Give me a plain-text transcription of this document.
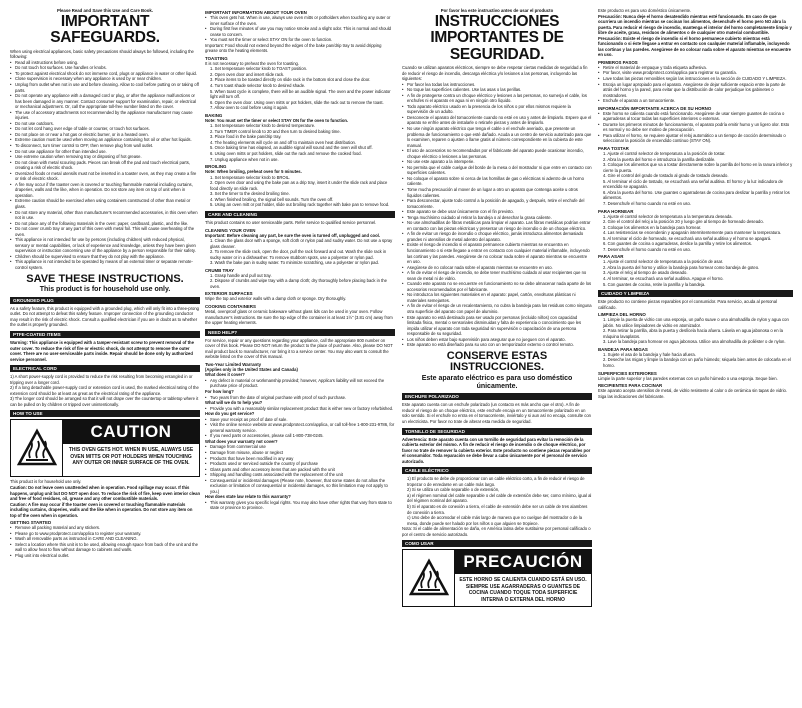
Please Read and Save this Use and Care Book.
IMPORTANT SAFEGUARDS.

When using electrical appliances, basic safety precautions should always be followed, including the following:

• Read all instructions before using.
• Do not touch hot surfaces. Use handles or knobs.
• To protect against electrical shock do not immerse cord, plugs or appliance in water or other liquid.
• Close supervision is necessary when any appliance is used by or near children.
• Unplug from outlet when not in use and before cleaning. Allow to cool before putting on or taking off parts.
• Do not operate any appliance with a damaged cord or plug, or after the appliance malfunctions or has been damaged in any manner. Contact consumer support for examination, repair, or electrical or mechanical adjustment. Or, call the appropriate toll-free number listed on the cover.
• The use of accessory attachments not recommended by the appliance manufacturer may cause injuries.
• Do not use outdoors.
• Do not let cord hang over edge of table or counter, or touch hot surfaces.
• Do not place on or near a hot gas or electric burner, or in a heated oven.
• Extreme caution must be used when moving an appliance containing hot oil or other hot liquids.
• To disconnect, turn timer control to OFF, then remove plug from wall outlet.
• Do not use appliance for other than intended use.
• Use extreme caution when removing tray or disposing of hot grease.
• Do not clean with metal scouring pads. Pieces can break off the pad and touch electrical parts, creating a risk of electric shock.
• Oversized foods or metal utensils must not be inserted in a toaster oven, as they may create a fire or risk of electric shock.
• A fire may occur if the toaster oven is covered or touching flammable material including curtains, draperies, walls and the like, when in operation. Do not store any item on top of unit when in operation.
• Extreme caution should be exercised when using containers constructed of other than metal or glass.
• Do not store any material, other than manufacturer's recommended accessories, in this oven when not in use.
• Do not place any of the following materials in the oven: paper, cardboard, plastic, and the like.
• Do not cover crumb tray or any part of this oven with metal foil. This will cause overheating of the oven.
• This appliance is not intended for use by persons (including children) with reduced physical, sensory or mental capabilities, or lack of experience and knowledge, unless they have been given supervision or instruction concerning use of the appliance by a person responsible for their safety.
• Children should be supervised to ensure that they do not play with the appliance.
• This appliance is not intended to be operated by means of an external timer or separate remote-control system.
SAVE THESE INSTRUCTIONS.
This product is for household use only.
GROUNDED PLUG

As a safety feature, this product is equipped with a grounded plug, which will only fit into a three-prong outlet. Do not attempt to defeat this safety feature. Improper connection of the grounding conductor may result in the risk of electric shock. Consult a qualified electrician if you are in doubt as to whether the outlet is properly grounded.

PTFE-COATED ITEMS

Warning: This appliance is equipped with a tamper-resistant screw to prevent removal of the outer cover. To reduce the risk of fire or electric shock, do not attempt to remove the outer cover. There are no user-serviceable parts inside. Repair should be done only by authorized service personnel.

ELECTRICAL CORD

1) A short power-supply cord is provided to reduce the risk resulting from becoming entangled in or tripping over a longer cord.

2) If a long detachable power-supply cord or extension cord is used, the marked electrical rating of the extension cord should be at least as great as the electrical rating of the appliance.

3) The longer cord should be arranged so that it will not drape over the countertop or tabletop where it can be pulled on by children or tripped over unintentionally.

HOW TO USE
CAUTION
THIS OVEN GETS HOT. WHEN IN USE, ALWAYS USE OVEN MITTS OR POT HOLDERS WHEN TOUCHING ANY OUTER OR INNER SURFACE OF THE OVEN.

This product is for household use only.

Caution: Do not leave oven unattended when in operation. Food spillage may occur. If this happens, unplug unit but DO NOT open door. To reduce the risk of fire, keep oven interior clean and free of food residues, oil, grease and any other combustible materials.

Caution: A fire may occur if the toaster oven is covered or touching flammable materials including curtains, draperies, walls and the like when in operation. Do not store any item on top of the oven when in operation.

GETTING STARTED
• Remove all packing material and any stickers.
• Please go to www.prodprotect.com/applica to register your warranty.
• Wash all removable parts as instructed in CARE AND CLEANING.
• Select a location where this unit is to be used, allowing enough space from back of the unit and the wall to allow heat to flow without damage to cabinets and walls.
• Plug unit into electrical outlet.
IMPORTANT INFORMATION ABOUT YOUR OVEN
• This oven gets hot. When in use, always use oven mitts or potholders when touching any outer or inner surface of the oven.
• During first few minutes of use you may notice smoke and a slight odor. This is normal and should cease to concern.
• You must set the timer or select STAY ON for the oven to function.

Important: Food should not extend beyond the edges of the bake pan/drip tray to avoid dripping grease onto the heating elements.

TOASTING

It is not necessary to preheat the oven for toasting.

1. Set temperature selector knob to TOAST position.
2. Open oven door and insert slide rack.
3. Place items to be toasted directly on slide rack in the bottom slot and close the door.
4. Turn toast shade selector knob to desired shade.
5. When toast cycle is complete, there will be an audible signal. The oven and the power indicator light will turn off.
6. Open the oven door. Using oven mitts or pot holders, slide the rack out to remove the toast.
7. Allow oven to cool before using it again.
BAKING

Note: You must set the timer or select STAY ON for the oven to function.

1. Set temperature selector knob to desired temperature.
2. Turn TIMER control knob to 20 and then turn to desired baking time.
3. Place food in the bake pan/drip tray.
4. The heating elements will cycle on and off to maintain oven heat distribution.
5. Once baking time has elapsed, an audible signal will sound and the oven will shut off.
6. Using oven mitts or pot holders, slide out the rack and remove the cooked food.
7. Unplug appliance when not in use.
BROILING

Note: When broiling, preheat oven for 5 minutes.

1. Set temperature selector knob to BROIL.
2. Open oven door and using the bake pan as a drip tray, insert it under the slide rack and place food directly on slide rack.
3. Set the timer to the desired broiling time.
4. When finished broiling, the signal bell sounds. Turn the oven off.
5. Using an oven mitt or pot holder, slide out broiling rack together with bake pan to remove food.
CARE AND CLEANING

This product contains no user serviceable parts. Refer service to qualified service personnel.

CLEANING YOUR OVEN

Important: Before cleaning any part, be sure the oven is turned off, unplugged and cool.

1. Clean the glass door with a sponge, soft cloth or nylon pad and sudsy water. Do not use a spray glass cleaner.
2. To remove the slide rack, open the door, pull the rack forward and out. Wash the slide rack in sudsy water or in a dishwasher. To remove stubborn spots, use a polyester or nylon pad.
3. Wash the bake pan in sudsy water. To minimize scratching, use a polyester or nylon pad.
CRUMB TRAY
1. Grasp handle and pull out tray.
2. Dispose of crumbs and wipe tray with a damp cloth; dry thoroughly before placing back in the oven.
EXTERIOR SURFACES

Wipe the top and exterior walls with a damp cloth or sponge. Dry thoroughly.

COOKING CONTAINERS

Metal, ovenproof glass or ceramic bakeware without glass lids can be used in your oven. Follow manufacturer's instructions. Be sure the top edge of the container is at least 1½" (3.81 cm) away from the upper heating elements.

NEED HELP?

For service, repair or any questions regarding your appliance, call the appropriate 800 number on cover of this book. Please DO NOT return the product to the place of purchase. Also, please DO NOT mail product back to manufacturer, nor bring it to a service center. You may also want to consult the website listed on the cover of this manual.

Two-Year Limited Warranty

(Applies only in the United States and Canada)

What does it cover?

• Any defect in material or workmanship provided; however, Applica's liability will not exceed the purchase price of product.

For how long?

• Two years from the date of original purchase with proof of such purchase.

What will we do to help you?

• Provide you with a reasonably similar replacement product that is either new or factory refurbished.

How do you get service?

• Save your receipt as proof of date of sale.
• Visit the online service website at www.prodprotect.com/applica, or call toll-free 1-800-231-9786, for general warranty service.
• If you need parts or accessories, please call 1-800-738-0245.

What does your warranty not cover?

• Damage from commercial use
• Damage from misuse, abuse or neglect
• Products that have been modified in any way
• Products used or serviced outside the country of purchase
• Glass parts and other accessory items that are packed with the unit
• Shipping and handling costs associated with the replacement of the unit
• Consequential or incidental damages (Please note, however, that some states do not allow the exclusion or limitation of consequential or incidental damages, so this limitation may not apply to you.)

How does state law relate to this warranty?

• This warranty gives you specific legal rights. You may also have other rights that vary from state to state or province to province.
Por favor lea este instructivo antes de usar el producto
INSTRUCCIONES IMPORTANTES DE SEGURIDAD.

Cuando se utilizan aparatos eléctricos, siempre se debe respetar ciertas medidas de seguridad a fin de reducir el riesgo de incendio, descarga eléctrica y/o lesiones a las personas, incluyendo las siguientes:

• Por favor lea todas las instrucciones.
• No toque las superficies calientes. Use las asas o las perillas.
• A fin de protegerse contra un choque eléctrico y lesiones a las personas, no sumerja el cable, los enchufes ni el aparato en agua ni en ningún otro líquido.
• Todo aparato eléctrico usado en la presencia de los niños o por ellos mismos requiere la supervisión de un adulto.
• Desconecte el aparato del tomacorriente cuando no esté en uso y antes de limpiarlo. Espere que el aparato se enfríe antes de instalarle o retirarle piezas y antes de limpiarlo.
• No use ningún aparato eléctrico que tenga el cable o el enchufe averiado, que presente un problema de funcionamiento o que esté dañado. Acuda a un centro de servicio autorizado para que lo examinen, reparen o ajusten o llame gratis al número correspondiente en la cubierta de este manual.
• El uso de accesorios no recomendados por el fabricante del aparato puede ocasionar incendio, choque eléctrico o lesiones a las personas.
• No use este aparato a la intemperie.
• No permita que el cable cuelgue del borde de la mesa o del mostrador ni que entre en contacto con superficies calientes.
• No coloque el aparato sobre ni cerca de las hornillas de gas o eléctricas ni adentro de un horno caliente.
• Tome mucha precaución al mover de un lugar a otro un aparato que contenga aceite u otros líquidos calientes.
• Para desconectar, ajuste todo control a la posición de apagado, y después, retire el enchufe del tomacorriente.
• Este aparato se debe usar únicamente con el fin previsto.
• Tenga muchísimo cuidado al retirar la bandeja o al desechar la grasa caliente.
• No use almohadillas de fibras metálicas para limpiar el aparato. Las fibras metálicas podrían entrar en contacto con las piezas eléctricas y presentar un riesgo de incendio o de un choque eléctrico.
• A fin de evitar un riesgo de incendio o choque eléctrico, jamás introduzca alimentos demasiado grandes ni utensilios de metal adentro del aparato.
• Existe el riesgo de incendio si el aparato permanece cubierto mientras se encuentra en funcionamiento o si este llegase a entrar en contacto con cualquier material inflamable, incluyendo las cortinas y las paredes. Asegúrese de no colocar nada sobre el aparato mientras se encuentre en uso.
• Asegúrese de no colocar nada sobre el aparato mientras se encuentre en uso.
• A fin de evitar el riesgo de incendio, se debe tener muchísimo cuidado al usar recipientes que no sean de metal ni de vidrio.
• Cuando este aparato no se encuentre en funcionamiento no se debe almacenar nada aparte de los accesorios recomendados por el fabricante.
• No introduzca los siguientes materiales en el aparato: papel, cartón, envolturas plásticas ni materiales semejantes.
• A fin de evitar el riesgo de un recalentamiento, no cubra la bandeja para los residuos como ninguna otra superficie del aparato con papel de aluminio.
• Este aparato no está destinado para ser usado por personas (incluido niños) con capacidad limitada física, mental o sensoriales disminuidas y falta de experiencia o conocimiento que les impida utilizar el aparato con toda seguridad sin supervisión o capacitación de una persona responsable de su seguridad.
• Los niños deben estar bajo supervisión para asegurar que no jueguen con el aparato.
• Este aparato no está diseñado para su uso con un temporizador externo o control remoto.
CONSERVE ESTAS INSTRUCCIONES.
Este aparato eléctrico es para uso doméstico únicamente.
ENCHUFE POLARIZADO

Este aparato cuenta con un enchufe polarizado (un contacto es más ancho que el otro). A fin de reducir el riesgo de un choque eléctrico, este enchufe encaja en un tomacorriente polarizado en un solo sentido. Si el enchufe no entra en el tomacorriente, inviértalo y si aun así no encaja, consulte con un electricista. Por favor no trate de alterar esta medida de seguridad.

TORNILLO DE SEGURIDAD

Advertencia: Este aparato cuenta con un tornillo de seguridad para evitar la remoción de la cubierta exterior del mismo. A fin de reducir el riesgo de incendio o de choque eléctrico, por favor no trate de remover la cubierta exterior. Este producto no contiene piezas reparables por el consumidor. Toda reparación se debe llevar a cabo únicamente por el personal de servicio autorizado.

CABLE ELÉCTRICO
1) El producto se debe de proporcionar con un cable eléctrico corto, a fin de reducir el riesgo de tropezar o de enredarse en un cable más largo.
2) Si se utiliza un cable separable o de extensión,
a) el régimen nominal del cable separable o del cable de extensión debe ser, como mínimo, igual al del régimen nominal del aparato.
b) Si el aparato es de conexión a tierra, el cable de extensión debe ser un cable de tres alambres de conexión a tierra.
c) Uno debe de acomodar el cable más largo de manera que no cuelgue del mostrador o de la mesa, donde puede ser halado por los niños o que alguien se tropiece.

Nota: Si el cable de alimentación se daña, en América latina debe sustituirse por personal calificado o por el centro de servicio autorizado.

COMO USAR
PRECAUCIÓN
ESTE HORNO SE CALIENTA CUANDO ESTÁ EN USO. SIEMPRE USE AGARRADERAS O GUANTES DE COCINA CUANDO TOQUE TODA SUPERFICIE INTERNA O EXTERNA DEL HORNO

Este producto es para uso doméstico únicamente.

Precaución: Nunca deje el horno desatendido mientras esté funcionando. En caso de que ocurriera un incendio mientras se cocinan los alimentos, desenchufe el horno pero NO abra la puerta. Para reducir el riesgo de incendio, mantenga el interior del horno completamente limpio y libre de aceite, grasa, residuos de alimentos o de cualquier otro material combustible.

Precaución: Existe el riesgo de incendio si el horno permanece cubierto mientras está funcionando o si éste llegase a entrar en contacto con cualquier material inflamable, incluyendo las cortinas y las paredes. Asegúrese de no colocar nada sobre el aparato mientras se encuentre en uso.

PRIMEROS PASOS
• Retire el material de empaque y toda etiqueta adhesiva.
• Por favor, visite www.prodprotect.com/applica para registrar su garantía.
• Lave todas las piezas removibles según las instrucciones en la sección de CUIDADO Y LIMPIEZA.
• Escoja un lugar apropiado para el aparato. Asegúrese de dejar suficiente espacio entre la parte de atrás del horno y la pared, para evitar que la distribución de calor perjudique los gabinetes o mostradores.
• Enchufe el aparato a un tomacorriente.
INFORMACIÓN IMPORTANTE ACERCA DE SU HORNO
• Este horno se calienta cuando está funcionando. Asegúrese de usar siempre guantes de cocina o agarraderas al tocar todas las superficies interiores o externas.
• Durante los primeros minutos de funcionamiento, el aparato podría emitir humo y un ligero olor. Esto es normal y no debe ser motivo de preocupación.
• Para utilizar el horno, se requiere ajustar el reloj automático a un tiempo de cocción determinado o seleccionar la posición de encendido continuo (STAY ON).
PARA TOSTAR
1. Ajuste el control selector de temperatura a la posición de tostar.
2. Abra la puerta del horno e introduzca la parrilla deslizable.
3. Coloque los alimentos que va a tostar directamente sobre la parrilla del horno en la ranura inferior y cierre la puerta.
4. Gire el control del grado de tostado al grado de tostado deseado.
5. Al terminar el ciclo de tostado, se escuchará una señal auditiva. El horno y la luz indicadora de encendido se apagarán.
6. Abra la puerta del horno. Use guantes o agarraderas de cocina para deslizar la parrilla y retirar los alimentos.
7. Desenchufe el horno cuando no esté en uso.
PARA HORNEAR
1. Ajuste el control selector de temperatura a la temperatura deseada.
2. Gire el control del reloj a la posición 20 y luego gire al tiempo de horneado deseado.
3. Coloque los alimentos en la bandeja para hornear.
4. Las resistencias se encenderán y apagarán intermitentemente para mantener la temperatura.
5. Al terminar el ciclo de horneado, se escuchará una señal auditiva y el horno se apagará.
6. Con guantes de cocina o agarraderas, deslice la parrilla y retire los alimentos.
7. Desenchufe el horno cuando no esté en uso.
PARA ASAR
1. Ajuste el control selector de temperatura a la posición de asar.
2. Abra la puerta del horno y utilice la bandeja para hornear como bandeja de goteo.
3. Ajuste el reloj al tiempo de asado deseado.
4. Al terminar, se escuchará una señal auditiva. Apague el horno.
5. Con guantes de cocina, retire la parrilla y la bandeja.
CUIDADO Y LIMPIEZA

Este producto no contiene piezas reparables por el consumidor. Para servicio, acuda al personal calificado.

LIMPIEZA DEL HORNO
1. Limpie la puerta de vidrio con una esponja, un paño suave o una almohadilla de nylon y agua con jabón. No utilice limpiadores de vidrio en atomizador.
2. Para retirar la parrilla, abra la puerta y deslícela hacia afuera. Lávela en agua jabonosa o en la máquina lavaplatos.
3. Lave la bandeja para hornear en agua jabonosa. Utilice una almohadilla de poliéster o de nylon.
BANDEJA PARA MIGAS
1. Sujete el asa de la bandeja y hale hacia afuera.
2. Deseche las migas y limpie la bandeja con un paño húmedo; séquela bien antes de colocarla en el horno.
SUPERFICIES EXTERIORES

Limpie la parte superior y las paredes externas con un paño húmedo o una esponja. Seque bien.

RECIPIENTES PARA COCINAR

Este aparato acepta utensilios de metal, de vidrio resistente al calor o de cerámica sin tapas de vidrio. Siga las indicaciones del fabricante.
